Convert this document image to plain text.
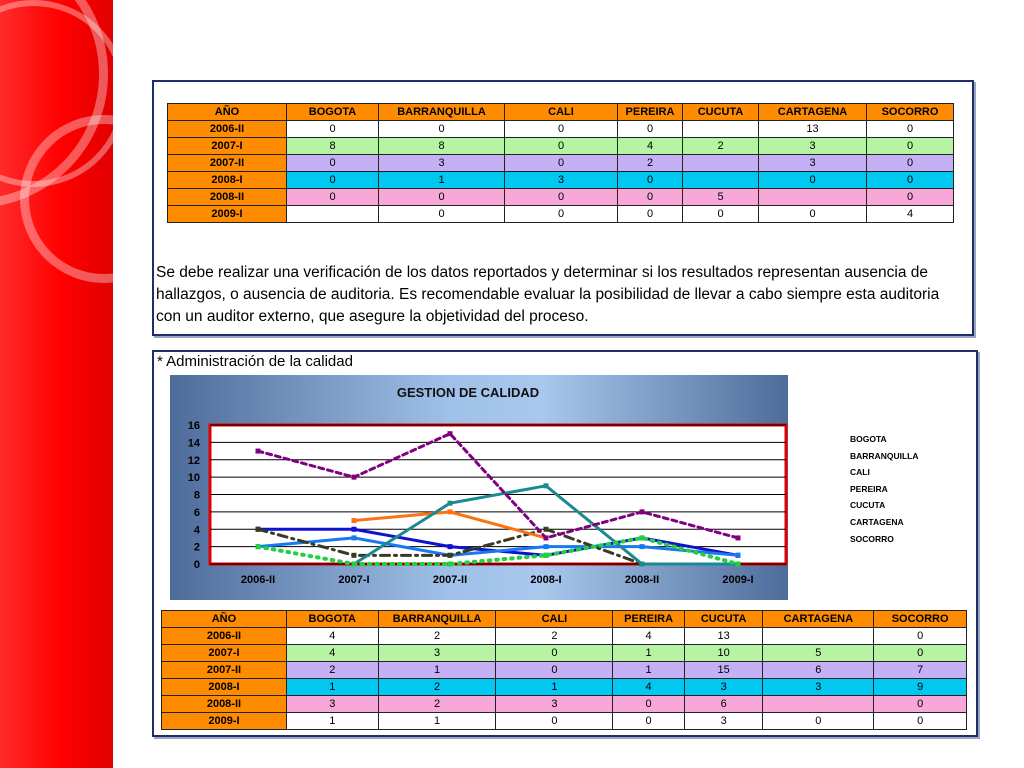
AÑO	BOGOTA	BARRANQUILLA	CALI	PEREIRA	CUCUTA	CARTAGENA	SOCORRO
2006-II	0	0	0	0		13	0
2007-I	8	8	0	4	2	3	0
2007-II	0	3	0	2		3	0
2008-I	0	1	3	0		0	0
2008-II	0	0	0	0	5		0
2009-I		0	0	0	0	0	4
Se debe realizar una verificación de los datos reportados y determinar si los resultados representan ausencia de hallazgos, o ausencia de auditoria. Es recomendable evaluar la posibilidad de llevar a cabo siempre esta auditoria con un auditor externo, que asegure la objetividad del proceso.
* Administración de la calidad
GESTION DE CALIDAD
0
2
4
6
8
10
12
14
16
2006-II	2007-I	2007-II	2008-I	2008-II	2009-I
BOGOTA
BARRANQUILLA
CALI
PEREIRA
CUCUTA
CARTAGENA
SOCORRO
AÑO	BOGOTA	BARRANQUILLA	CALI	PEREIRA	CUCUTA	CARTAGENA	SOCORRO
2006-II	4	2	2	4	13		0
2007-I	4	3	0	1	10	5	0
2007-II	2	1	0	1	15	6	7
2008-I	1	2	1	4	3	3	9
2008-II	3	2	3	0	6		0
2009-I	1	1	0	0	3	0	0
